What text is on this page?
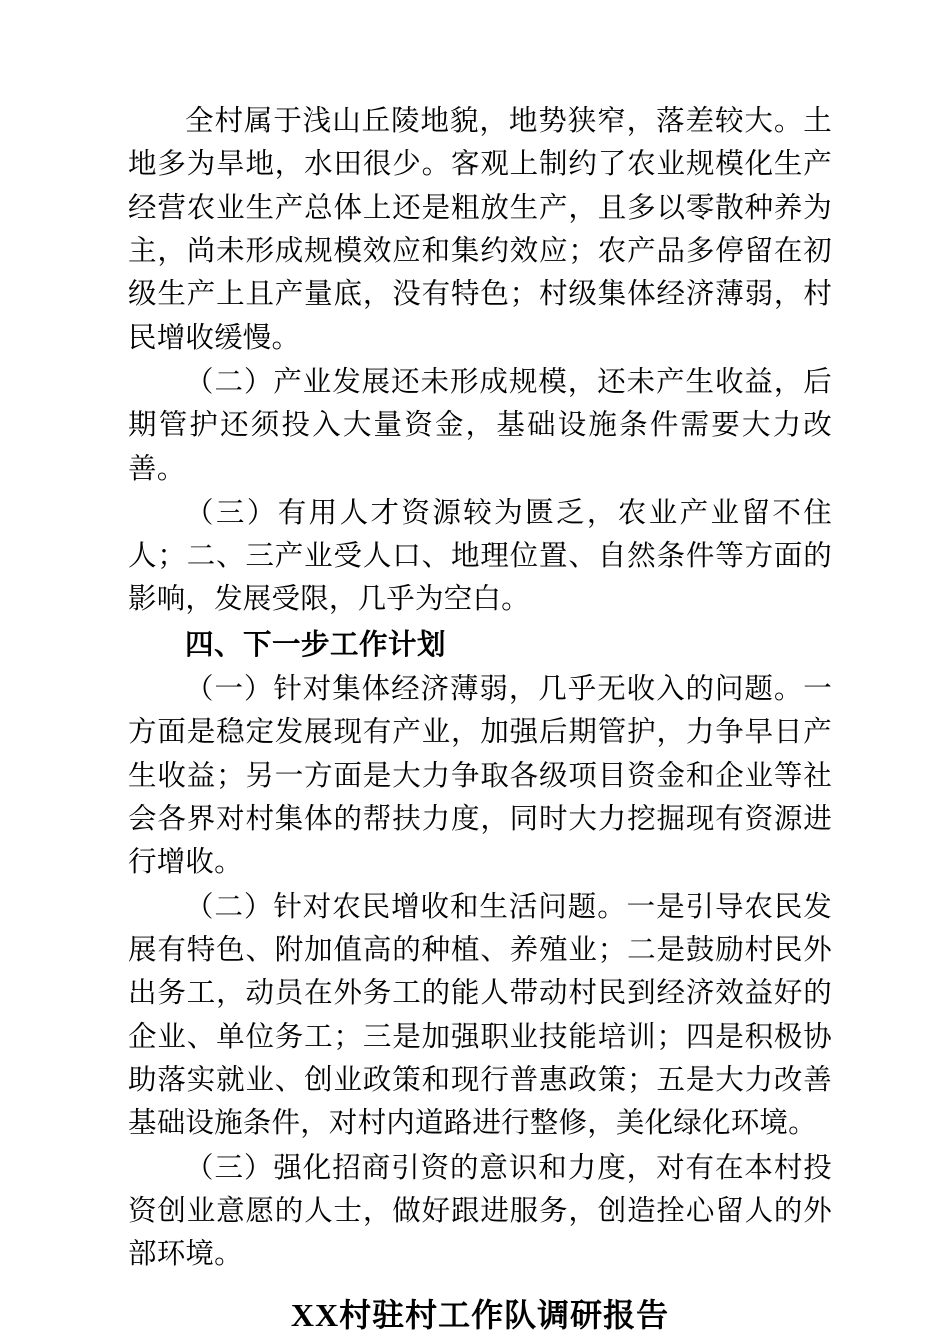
全村属于浅山丘陵地貌，地势狭窄，落差较大。土地多为旱地，水田很少。客观上制约了农业规模化生产经营农业生产总体上还是粗放生产，且多以零散种养为主，尚未形成规模效应和集约效应；农产品多停留在初级生产上且产量底，没有特色；村级集体经济薄弱，村民增收缓慢。

（二）产业发展还未形成规模，还未产生收益，后期管护还须投入大量资金，基础设施条件需要大力改善。

（三）有用人才资源较为匮乏，农业产业留不住人；二、三产业受人口、地理位置、自然条件等方面的影响，发展受限，几乎为空白。

四、下一步工作计划

（一）针对集体经济薄弱，几乎无收入的问题。一方面是稳定发展现有产业，加强后期管护，力争早日产生收益；另一方面是大力争取各级项目资金和企业等社会各界对村集体的帮扶力度，同时大力挖掘现有资源进行增收。

（二）针对农民增收和生活问题。一是引导农民发展有特色、附加值高的种植、养殖业；二是鼓励村民外出务工，动员在外务工的能人带动村民到经济效益好的企业、单位务工；三是加强职业技能培训；四是积极协助落实就业、创业政策和现行普惠政策；五是大力改善基础设施条件，对村内道路进行整修，美化绿化环境。

（三）强化招商引资的意识和力度，对有在本村投资创业意愿的人士，做好跟进服务，创造拴心留人的外部环境。

XX村驻村工作队调研报告
